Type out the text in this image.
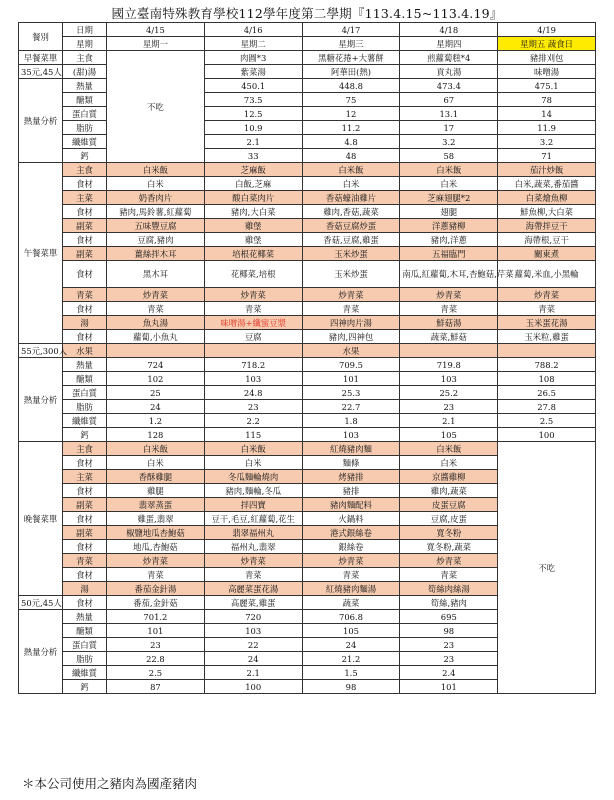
國立臺南特殊教育學校112學年度第二學期『113.4.15~113.4.19』
餐別	日期	4/15	4/16	4/17	4/18	4/19
	星期	星期一	星期二	星期三	星期四	星期五 蔬食日
早餐菜單	主食	不吃	肉圓*3	黑糖花捲+大薯餅	煎蘿蔔糕*4	豬排刈包
35元,45人	(甜)湯		紫菜湯	阿華田(熱)	貢丸湯	味噌湯
熱量分析	熱量		450.1	448.8	473.4	475.1
	醣類		73.5	75	67	78
	蛋白質		12.5	12	13.1	14
	脂肪		10.9	11.2	17	11.9
	纖維質		2.1	4.8	3.2	3.2
	鈣		33	48	58	71
午餐菜單	主食	白米飯	芝麻飯	白米飯	白米飯	茄汁炒飯
	食材	白米	白飯,芝麻	白米	白米	白米,蔬菜,番茄醬
	主菜	奶香肉片	酸白菜肉片	香菇蠔油雞片	芝麻翅腿*2	白菜燴魚柳
	食材	豬肉,馬鈴薯,紅蘿蔔	豬肉,大白菜	雞肉,香菇,蔬菜	翅腿	鮮魚柳,大白菜
	副菜	五味豐豆腐	雞堡	香菇豆腐炒蛋	洋蔥豬柳	海帶拌豆干
	食材	豆腐,豬肉	雞堡	香菇,豆腐,雞蛋	豬肉,洋蔥	海帶根,豆干
	副菜	薑絲拌木耳	培根花椰菜	玉米炒蛋	五福臨門	關東煮
	食材	黑木耳	花椰菜,培根	玉米炒蛋	南瓜,紅蘿蔔,木耳,杏鮑菇,芹菜	蘿蔔,米血,小黑輪
	青菜	炒青菜	炒青菜	炒青菜	炒青菜	炒青菜
	食材	青菜	青菜	青菜	青菜	青菜
	湯	魚丸湯	味噌湯+纖蜜豆漿	四神肉片湯	鮮菇湯	玉米蛋花湯
	食材	蘿蔔,小魚丸	豆腐	豬肉,四神包	蔬菜,鮮菇	玉米粒,雞蛋
55元,300人	水果			水果		
熱量分析	熱量	724	718.2	709.5	719.8	788.2
	醣類	102	103	101	103	108
	蛋白質	25	24.8	25.3	25.2	26.5
	脂肪	24	23	22.7	23	27.8
	纖維質	1.2	2.2	1.8	2.1	2.5
	鈣	128	115	103	105	100
晚餐菜單	主食	白米飯	白米飯	紅燒豬肉麵	白米飯	不吃
	食材	白米	白米	麵條	白米	
	主菜	香酥雞腿	冬瓜麵輪燒肉	烤豬排	京醬雞柳	
	食材	雞腿	豬肉,麵輪,冬瓜	豬排	雞肉,蔬菜	
	副菜	翡翠蒸蛋	拌四寶	豬肉麵配料	皮蛋豆腐	
	食材	雞蛋,翡翠	豆干,毛豆,紅蘿蔔,花生	火鍋料	豆腐,皮蛋	
	副菜	椒鹽地瓜杏鮑菇	翡翠福州丸	港式銀絲卷	寬冬粉	
	食材	地瓜,杏鮑菇	福州丸,翡翠	銀絲卷	寬冬粉,蔬菜	
	青菜	炒青菜	炒青菜	炒青菜	炒青菜	
	食材	青菜	青菜	青菜	青菜	
	湯	番茄金針湯	高麗菜蛋花湯	紅燒豬肉麵湯	筍絲肉絲湯	
50元,45人	食材	番茄,金針菇	高麗菜,雞蛋	蔬菜	筍絲,豬肉	
熱量分析	熱量	701.2	720	706.8	695	
	醣類	101	103	105	98	
	蛋白質	23	22	24	23	
	脂肪	22.8	24	21.2	23	
	纖維質	2.5	2.1	1.5	2.4	
	鈣	87	100	98	101	
＊本公司使用之豬肉為國產豬肉
